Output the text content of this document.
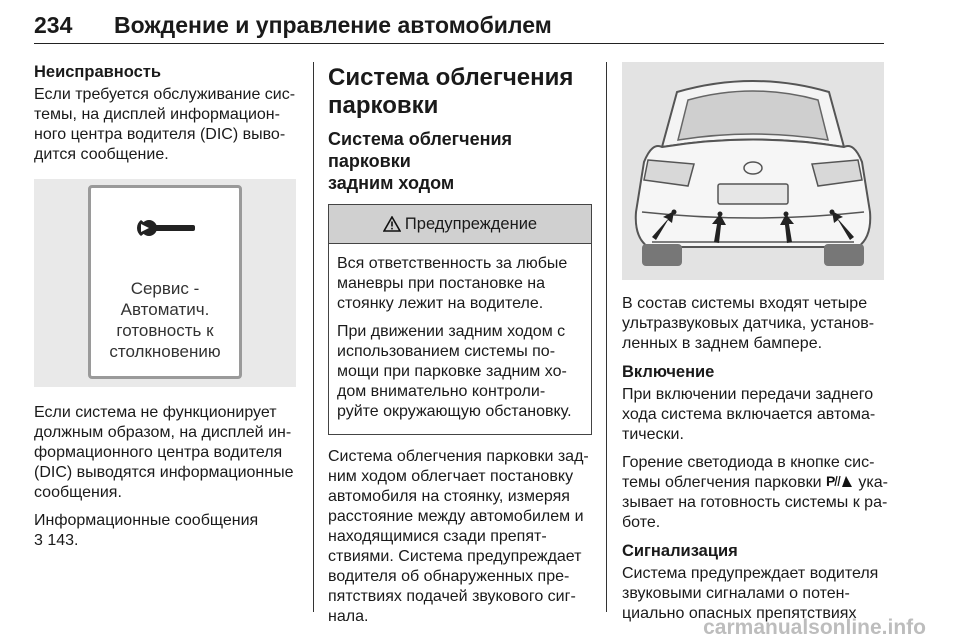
234	Вождение и управление автомобилем
Неисправность

Если требуется обслуживание сис-
темы, на дисплей информацион-
ного центра водителя (DIC) выво-
дится сообщение.

Сервис -
Автоматич.
готовность к
столкновению

Если система не функционирует
должным образом, на дисплей ин-
формационного центра водителя
(DIC) выводятся информационные
сообщения.

Информационные сообщения
3 143.

Система облегчения
парковки
Система облегчения парковки
задним ходом
Предупреждение

Вся ответственность за любые
маневры при постановке на
стоянку лежит на водителе.

При движении задним ходом с
использованием системы по-
мощи при парковке задним хо-
дом внимательно контроли-
руйте окружающую обстановку.

Система облегчения парковки зад-
ним ходом облегчает постановку
автомобиля на стоянку, измеряя
расстояние между автомобилем и
находящимися сзади препят-
ствиями. Система предупреждает
водителя об обнаруженных пре-
пятствиях подачей звукового сиг-
нала.

В состав системы входят четыре
ультразвуковых датчика, установ-
ленных в заднем бампере.

Включение

При включении передачи заднего
хода система включается автома-
тически.

Горение светодиода в кнопке сис-
темы облегчения парковки P ука-
зывает на готовность системы к ра-
боте.

Сигнализация

Система предупреждает водителя
звуковыми сигналами о потен-
циально опасных препятствиях

carmanualsonline.info
